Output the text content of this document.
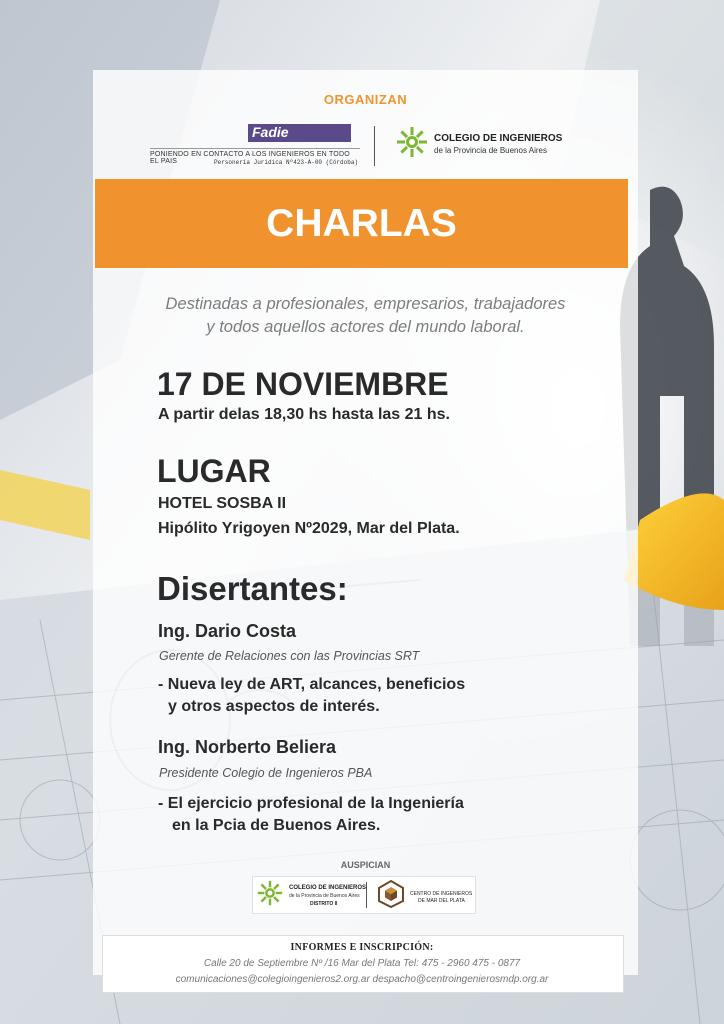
ORGANIZAN
Fadie
PONIENDO EN CONTACTO A LOS INGENIEROS EN TODO EL PAIS	Personería Jurídica Nº423-A-00 (Córdoba)
COLEGIO DE INGENIEROS
de la Provincia de Buenos Aires
CHARLAS
Destinadas a profesionales, empresarios, trabajadores
y todos aquellos actores del mundo laboral.
17 DE NOVIEMBRE
A partir delas 18,30 hs hasta las 21 hs.
LUGAR
HOTEL SOSBA II
Hipólito Yrigoyen Nº2029, Mar del Plata.
Disertantes:
Ing. Dario Costa
Gerente de Relaciones con las Provincias SRT
- Nueva ley de ART, alcances, beneficios
y otros aspectos de interés.
Ing. Norberto Beliera
Presidente Colegio de Ingenieros PBA
- El ejercicio profesional de la Ingeniería
en la Pcia de Buenos Aires.
AUSPICIAN
COLEGIO DE INGENIEROS
de la Provincia de Buenos Aires
DISTRITO II
CENTRO DE INGENIEROS
DE MAR DEL PLATA
INFORMES E INSCRIPCIÓN:
Calle 20 de Septiembre Nº /16 Mar del Plata Tel: 475 - 2960 475 - 0877
comunicaciones@colegioingenieros2.org.ar despacho@centroingenierosmdp.org.ar
